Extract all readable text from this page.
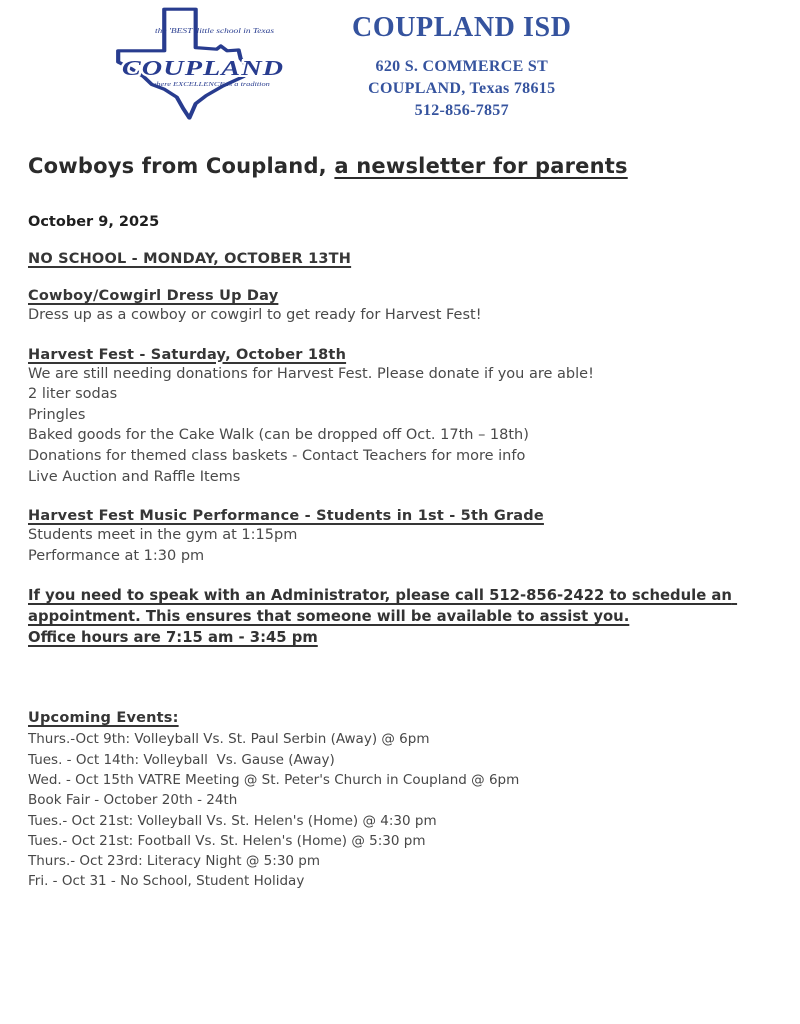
the 'BEST' little school in Texas
COUPLAND
where EXCELLENCE is a tradition
COUPLAND ISD
620 S. COMMERCE ST
COUPLAND, Texas 78615
512-856-7857
Cowboys from Coupland, a newsletter for parents
October 9, 2025
NO SCHOOL - MONDAY, OCTOBER 13TH
Cowboy/Cowgirl Dress Up Day
Dress up as a cowboy or cowgirl to get ready for Harvest Fest!
Harvest Fest - Saturday, October 18th
We are still needing donations for Harvest Fest. Please donate if you are able!
2 liter sodas
Pringles
Baked goods for the Cake Walk (can be dropped off Oct. 17th – 18th)
Donations for themed class baskets - Contact Teachers for more info
Live Auction and Raffle Items
Harvest Fest Music Performance - Students in 1st - 5th Grade
Students meet in the gym at 1:15pm
Performance at 1:30 pm
If you need to speak with an Administrator, please call 512-856-2422 to schedule an appointment. This ensures that someone will be available to assist you.
Office hours are 7:15 am - 3:45 pm
Upcoming Events:
Thurs.-Oct 9th: Volleyball Vs. St. Paul Serbin (Away) @ 6pm
Tues. - Oct 14th: Volleyball  Vs. Gause (Away)
Wed. - Oct 15th VATRE Meeting @ St. Peter's Church in Coupland @ 6pm
Book Fair - October 20th - 24th
Tues.- Oct 21st: Volleyball Vs. St. Helen's (Home) @ 4:30 pm
Tues.- Oct 21st: Football Vs. St. Helen's (Home) @ 5:30 pm
Thurs.- Oct 23rd: Literacy Night @ 5:30 pm
Fri. - Oct 31 - No School, Student Holiday
